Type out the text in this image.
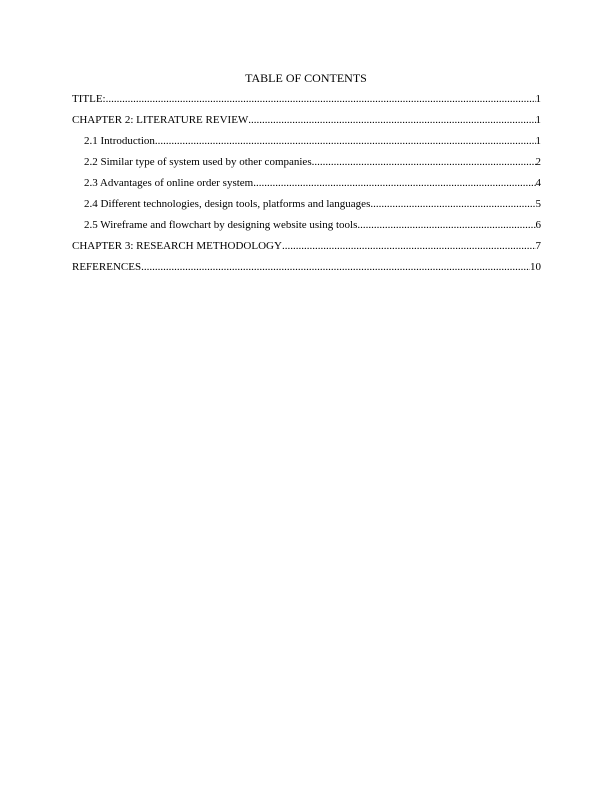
TABLE OF CONTENTS
TITLE: .....	1
CHAPTER 2: LITERATURE REVIEW .....	1
2.1 Introduction .....	1
2.2 Similar type of system used by other companies .....	2
2.3 Advantages of online order system .....	4
2.4 Different technologies, design tools, platforms and languages .....	5
2.5 Wireframe and flowchart by designing website using tools .....	6
CHAPTER 3: RESEARCH METHODOLOGY .....	7
REFERENCES .....	10
